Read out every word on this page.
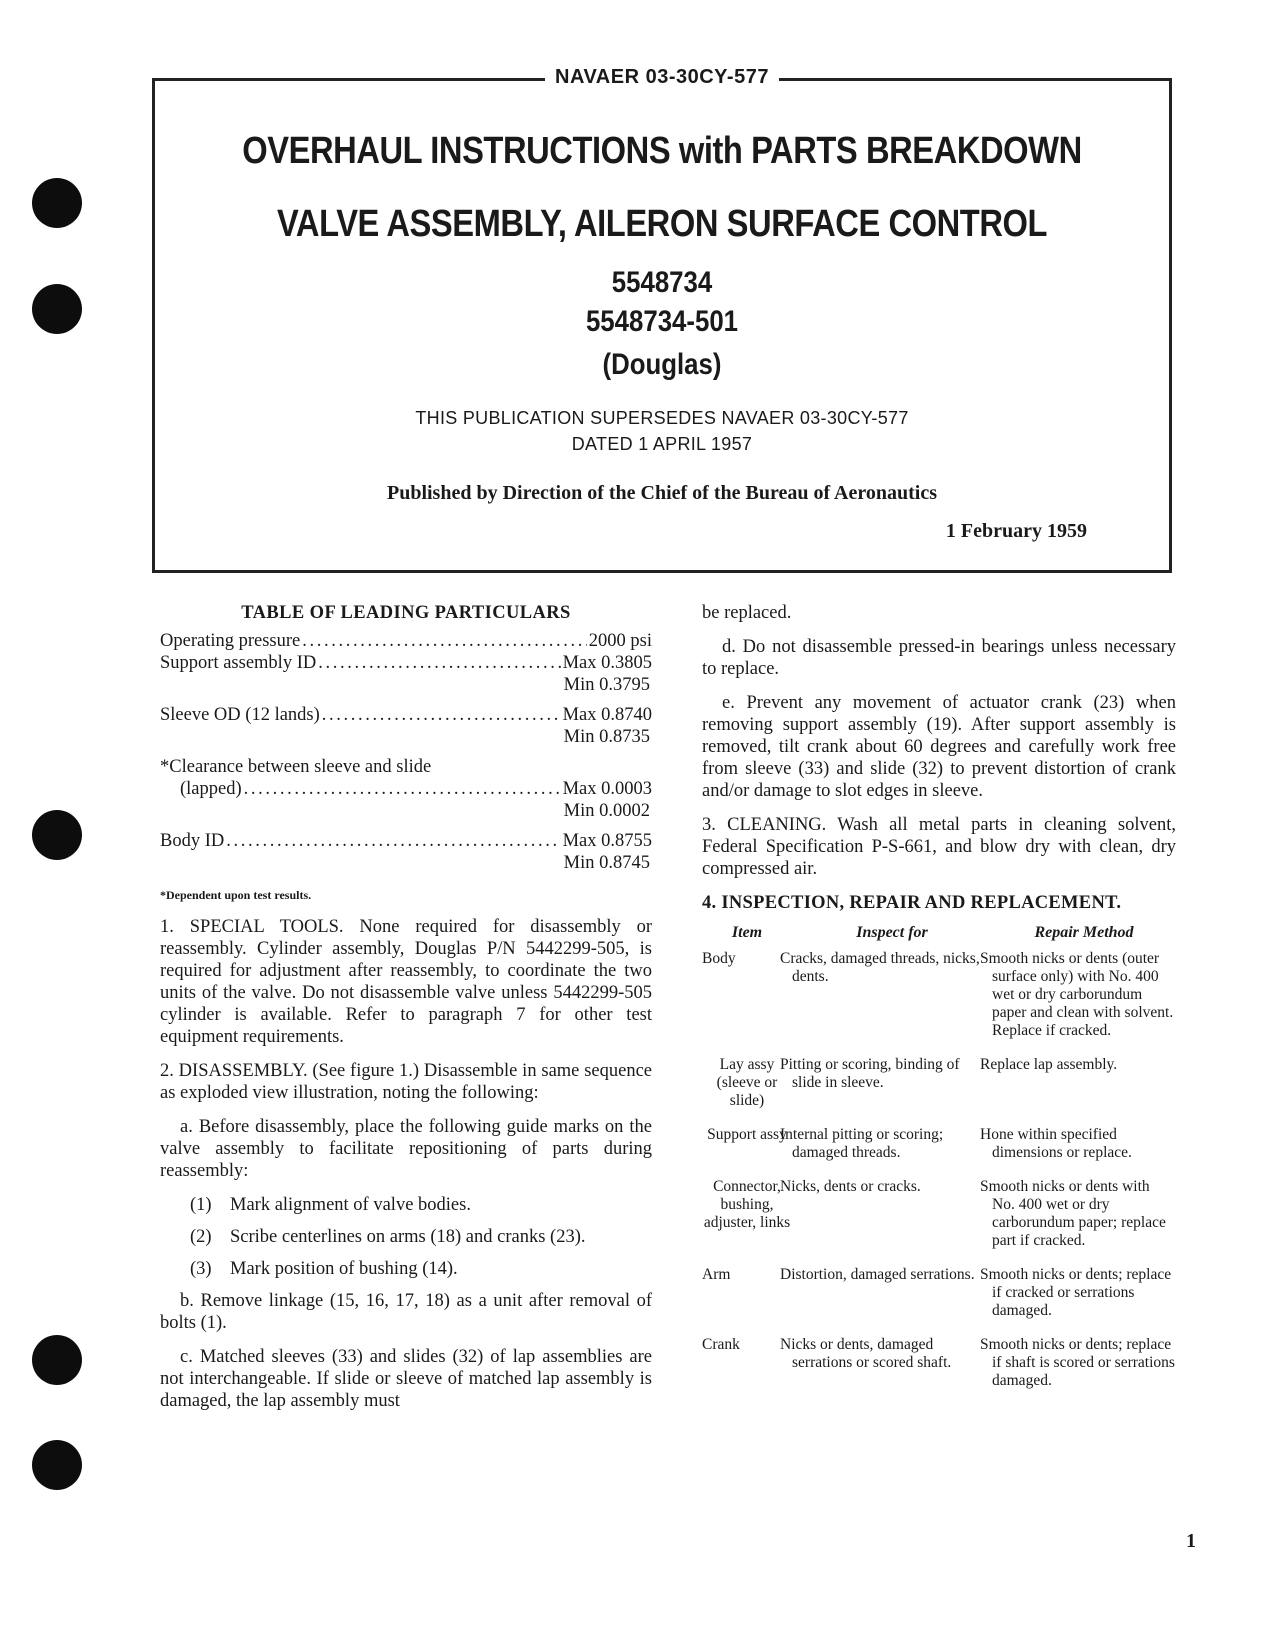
NAVAER 03-30CY-577
OVERHAUL INSTRUCTIONS with PARTS BREAKDOWN
VALVE ASSEMBLY, AILERON SURFACE CONTROL
5548734
5548734-501
(Douglas)
THIS PUBLICATION SUPERSEDES NAVAER 03-30CY-577
DATED 1 APRIL 1957
Published by Direction of the Chief of the Bureau of Aeronautics
1 February 1959
TABLE OF LEADING PARTICULARS
Operating pressure . . .	2000 psi
Support assembly ID . . .	Max 0.3805
Min 0.3795
Sleeve OD (12 lands) . . .	Max 0.8740
Min 0.8735
*Clearance between sleeve and slide
(lapped) . . .	Max 0.0003
Min 0.0002
Body ID . . .	Max 0.8755
Min 0.8745
*Dependent upon test results.

1. SPECIAL TOOLS. None required for disassembly or reassembly. Cylinder assembly, Douglas P/N 5442299-505, is required for adjustment after reassembly, to coordinate the two units of the valve. Do not disassemble valve unless 5442299-505 cylinder is available. Refer to paragraph 7 for other test equipment requirements.

2. DISASSEMBLY. (See figure 1.) Disassemble in same sequence as exploded view illustration, noting the following:

a. Before disassembly, place the following guide marks on the valve assembly to facilitate repositioning of parts during reassembly:

(1) Mark alignment of valve bodies.
(2) Scribe centerlines on arms (18) and cranks (23).
(3) Mark position of bushing (14).

b. Remove linkage (15, 16, 17, 18) as a unit after removal of bolts (1).

c. Matched sleeves (33) and slides (32) of lap assemblies are not interchangeable. If slide or sleeve of matched lap assembly is damaged, the lap assembly must

be replaced.

d. Do not disassemble pressed-in bearings unless necessary to replace.

e. Prevent any movement of actuator crank (23) when removing support assembly (19). After support assembly is removed, tilt crank about 60 degrees and carefully work free from sleeve (33) and slide (32) to prevent distortion of crank and/or damage to slot edges in sleeve.

3. CLEANING. Wash all metal parts in cleaning solvent, Federal Specification P-S-661, and blow dry with clean, dry compressed air.

4. INSPECTION, REPAIR AND REPLACEMENT.
Item	Inspect for	Repair Method
Body	Cracks, damaged threads, nicks, dents.	Smooth nicks or dents (outer surface only) with No. 400 wet or dry carborundum paper and clean with solvent. Replace if cracked.
Lay assy (sleeve or slide)	Pitting or scoring, binding of slide in sleeve.	Replace lap assembly.
Support assy	Internal pitting or scoring; damaged threads.	Hone within specified dimensions or replace.
Connector, bushing, adjuster, links	Nicks, dents or cracks.	Smooth nicks or dents with No. 400 wet or dry carborundum paper; replace part if cracked.
Arm	Distortion, damaged serrations.	Smooth nicks or dents; replace if cracked or serrations damaged.
Crank	Nicks or dents, damaged serrations or scored shaft.	Smooth nicks or dents; replace if shaft is scored or serrations damaged.
1
